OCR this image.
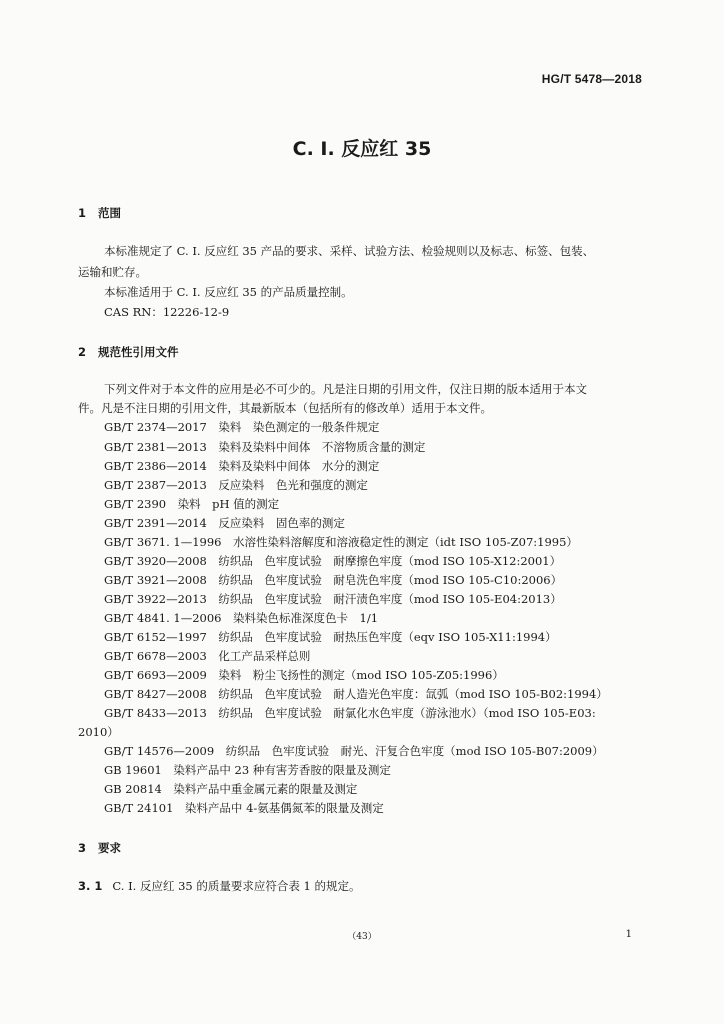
HG/T 5478—2018
C. I. 反应红 35
1 范围
本标准规定了 C. I. 反应红 35 产品的要求、采样、试验方法、检验规则以及标志、标签、包装、
运输和贮存。
本标准适用于 C. I. 反应红 35 的产品质量控制。
CAS RN：12226-12-9
2 规范性引用文件
下列文件对于本文件的应用是必不可少的。凡是注日期的引用文件，仅注日期的版本适用于本文
件。凡是不注日期的引用文件，其最新版本（包括所有的修改单）适用于本文件。
GB/T 2374—2017　染料　染色测定的一般条件规定
GB/T 2381—2013　染料及染料中间体　不溶物质含量的测定
GB/T 2386—2014　染料及染料中间体　水分的测定
GB/T 2387—2013　反应染料　色光和强度的测定
GB/T 2390　染料　pH 值的测定
GB/T 2391—2014　反应染料　固色率的测定
GB/T 3671. 1—1996　水溶性染料溶解度和溶液稳定性的测定（idt ISO 105-Z07:1995）
GB/T 3920—2008　纺织品　色牢度试验　耐摩擦色牢度（mod ISO 105-X12:2001）
GB/T 3921—2008　纺织品　色牢度试验　耐皂洗色牢度（mod ISO 105-C10:2006）
GB/T 3922—2013　纺织品　色牢度试验　耐汗渍色牢度（mod ISO 105-E04:2013）
GB/T 4841. 1—2006　染料染色标准深度色卡　1/1
GB/T 6152—1997　纺织品　色牢度试验　耐热压色牢度（eqv ISO 105-X11:1994）
GB/T 6678—2003　化工产品采样总则
GB/T 6693—2009　染料　粉尘飞扬性的测定（mod ISO 105-Z05:1996）
GB/T 8427—2008　纺织品　色牢度试验　耐人造光色牢度：氙弧（mod ISO 105-B02:1994）
GB/T 8433—2013　纺织品　色牢度试验　耐氯化水色牢度（游泳池水）（mod ISO 105-E03:
2010）
GB/T 14576—2009　纺织品　色牢度试验　耐光、汗复合色牢度（mod ISO 105-B07:2009）
GB 19601　染料产品中 23 种有害芳香胺的限量及测定
GB 20814　染料产品中重金属元素的限量及测定
GB/T 24101　染料产品中 4-氨基偶氮苯的限量及测定
3 要求
3. 1 C. I. 反应红 35 的质量要求应符合表 1 的规定。
（43）	1
